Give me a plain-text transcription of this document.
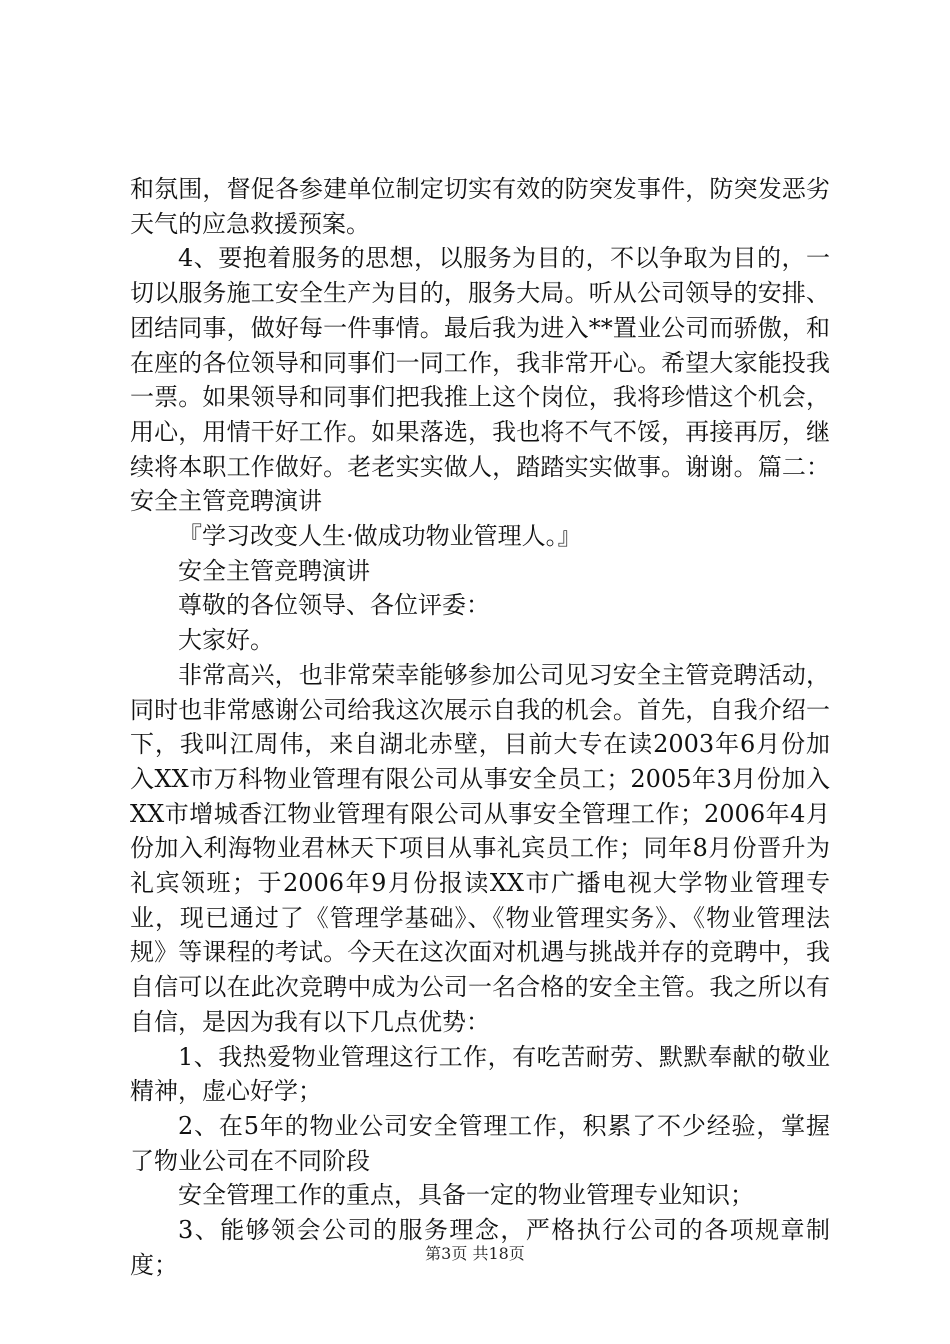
和氛围，督促各参建单位制定切实有效的防突发事件，防突发恶劣天气的应急救援预案。

4、要抱着服务的思想，以服务为目的，不以争取为目的，一切以服务施工安全生产为目的，服务大局。听从公司领导的安排、团结同事，做好每一件事情。最后我为进入**置业公司而骄傲，和在座的各位领导和同事们一同工作，我非常开心。希望大家能投我一票。如果领导和同事们把我推上这个岗位，我将珍惜这个机会，用心，用情干好工作。如果落选，我也将不气不馁，再接再厉，继续将本职工作做好。老老实实做人，踏踏实实做事。谢谢。篇二：安全主管竞聘演讲

『学习改变人生·做成功物业管理人。』

安全主管竞聘演讲

尊敬的各位领导、各位评委：

大家好。

非常高兴，也非常荣幸能够参加公司见习安全主管竞聘活动，同时也非常感谢公司给我这次展示自我的机会。首先，自我介绍一下，我叫江周伟，来自湖北赤壁，目前大专在读2003年6月份加入XX市万科物业管理有限公司从事安全员工；2005年3月份加入XX市增城香江物业管理有限公司从事安全管理工作；2006年4月份加入利海物业君林天下项目从事礼宾员工作；同年8月份晋升为礼宾领班；于2006年9月份报读XX市广播电视大学物业管理专业，现已通过了《管理学基础》、《物业管理实务》、《物业管理法规》等课程的考试。今天在这次面对机遇与挑战并存的竞聘中，我自信可以在此次竞聘中成为公司一名合格的安全主管。我之所以有自信，是因为我有以下几点优势：

1、我热爱物业管理这行工作，有吃苦耐劳、默默奉献的敬业精神，虚心好学；

2、在5年的物业公司安全管理工作，积累了不少经验，掌握了物业公司在不同阶段

安全管理工作的重点，具备一定的物业管理专业知识；

3、能够领会公司的服务理念，严格执行公司的各项规章制度；	第3页 共18页
